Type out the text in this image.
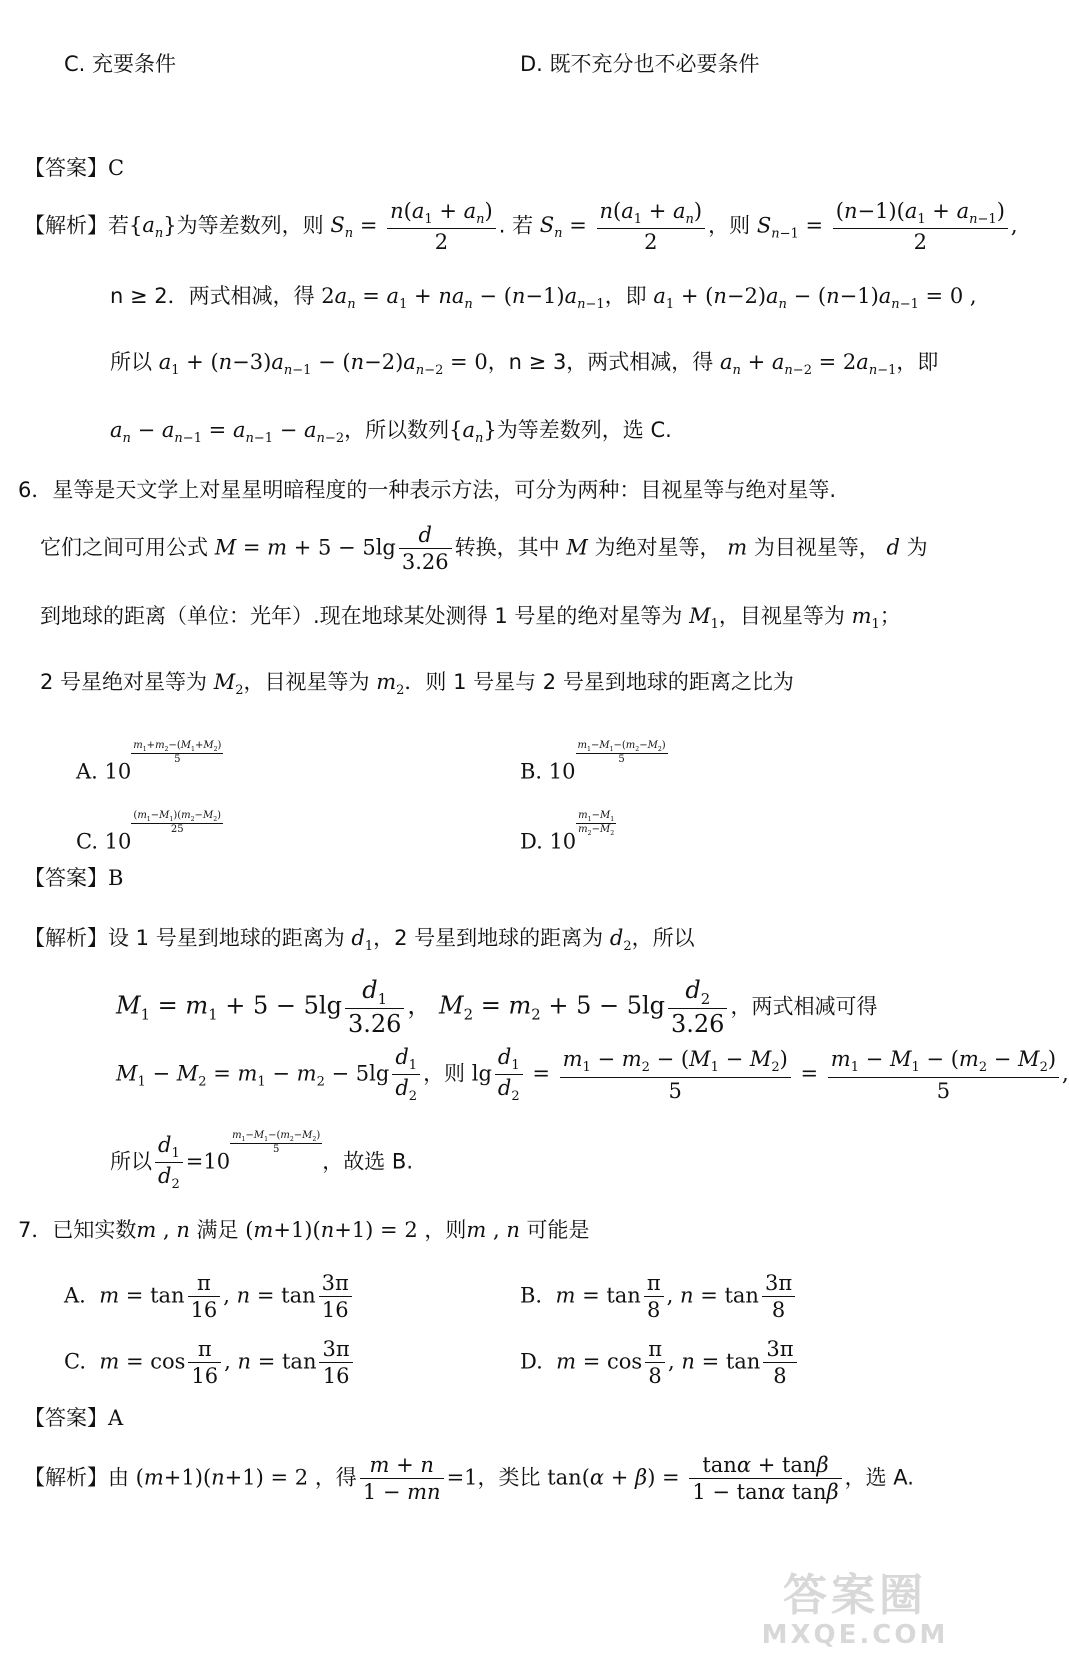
C. 充要条件	D. 既不充分也不必要条件
【答案】C
【解析】若$\{a_n\}$为等差数列，则 $S_n = \frac{n(a_1 + a_n)}{2}$ . 若 $S_n = \frac{n(a_1 + a_n)}{2}$ ，则 $S_{n-1} = \frac{(n-1)(a_1 + a_{n-1})}{2}$ ,
n ≥ 2．两式相减，得 $2a_n = a_1 + na_n - (n-1)a_{n-1}$，即 $a_1 + (n-2)a_n - (n-1)a_{n-1} = 0$ ,
所以 $a_1 + (n-3)a_{n-1} - (n-2)a_{n-2} = 0$，n ≥ 3，两式相减，得 $a_n + a_{n-2} = 2a_{n-1}$，即
$a_n - a_{n-1} = a_{n-1} - a_{n-2}$，所以数列$\{a_n\}$为等差数列，选 C.
6．星等是天文学上对星星明暗程度的一种表示方法，可分为两种：目视星等与绝对星等.
它们之间可用公式 $M = m + 5 - 5\lg \frac{d}{3.26}$ 转换，其中 M 为绝对星等， m 为目视星等， d 为
到地球的距离（单位：光年）.现在地球某处测得 1 号星的绝对星等为 $M_1$，目视星等为 $m_1$；
2 号星绝对星等为 $M_2$，目视星等为 $m_2$．则 1 号星与 2 号星到地球的距离之比为
A. 10
$\frac{m_1+m_2-(M_1+M_2)}{5}$
B. 10
$\frac{m_1-M_1-(m_2-M_2)}{5}$
C. 10
$\frac{(m_1-M_1)(m_2-M_2)}{25}$
D. 10
$\frac{m_1-M_1}{m_2-M_2}$
【答案】B
【解析】设 1 号星到地球的距离为 $d_1$，2 号星到地球的距离为 $d_2$，所以
$M_1 = m_1 + 5 - 5\lg \frac{d_1}{3.26}$ ， $M_2 = m_2 + 5 - 5\lg \frac{d_2}{3.26}$ ，两式相减可得
$M_1 - M_2 = m_1 - m_2 - 5\lg \frac{d_1}{d_2}$ ，则 $\lg \frac{d_1}{d_2} = \frac{m_1 - m_2 - (M_1 - M_2)}{5} = \frac{m_1 - M_1 - (m_2 - M_2)}{5}$ ,
所以 $\frac{d_1}{d_2} =10$
$\frac{m_1-M_1-(m_2-M_2)}{5}$
，故选 B.
7．已知实数m , n 满足 (m+1)(n+1) = 2 ，则m , n 可能是
A. $m = \tan \frac{\pi}{16}$ , $n = \tan \frac{3\pi}{16}$	B. $m = \tan \frac{\pi}{8}$ , $n = \tan \frac{3\pi}{8}$
C. $m = \cos \frac{\pi}{16}$ , $n = \tan \frac{3\pi}{16}$	D. $m = \cos \frac{\pi}{8}$ , $n = \tan \frac{3\pi}{8}$
【答案】A
【解析】由 (m+1)(n+1) = 2 ，得 $\frac{m + n}{1 - mn} =1$，类比 $\tan(\alpha + \beta) = \frac{\tan\alpha + \tan\beta}{\text{1 − tanα tanβ}}$ ，选 A.
答案圈
MXQE.COM
